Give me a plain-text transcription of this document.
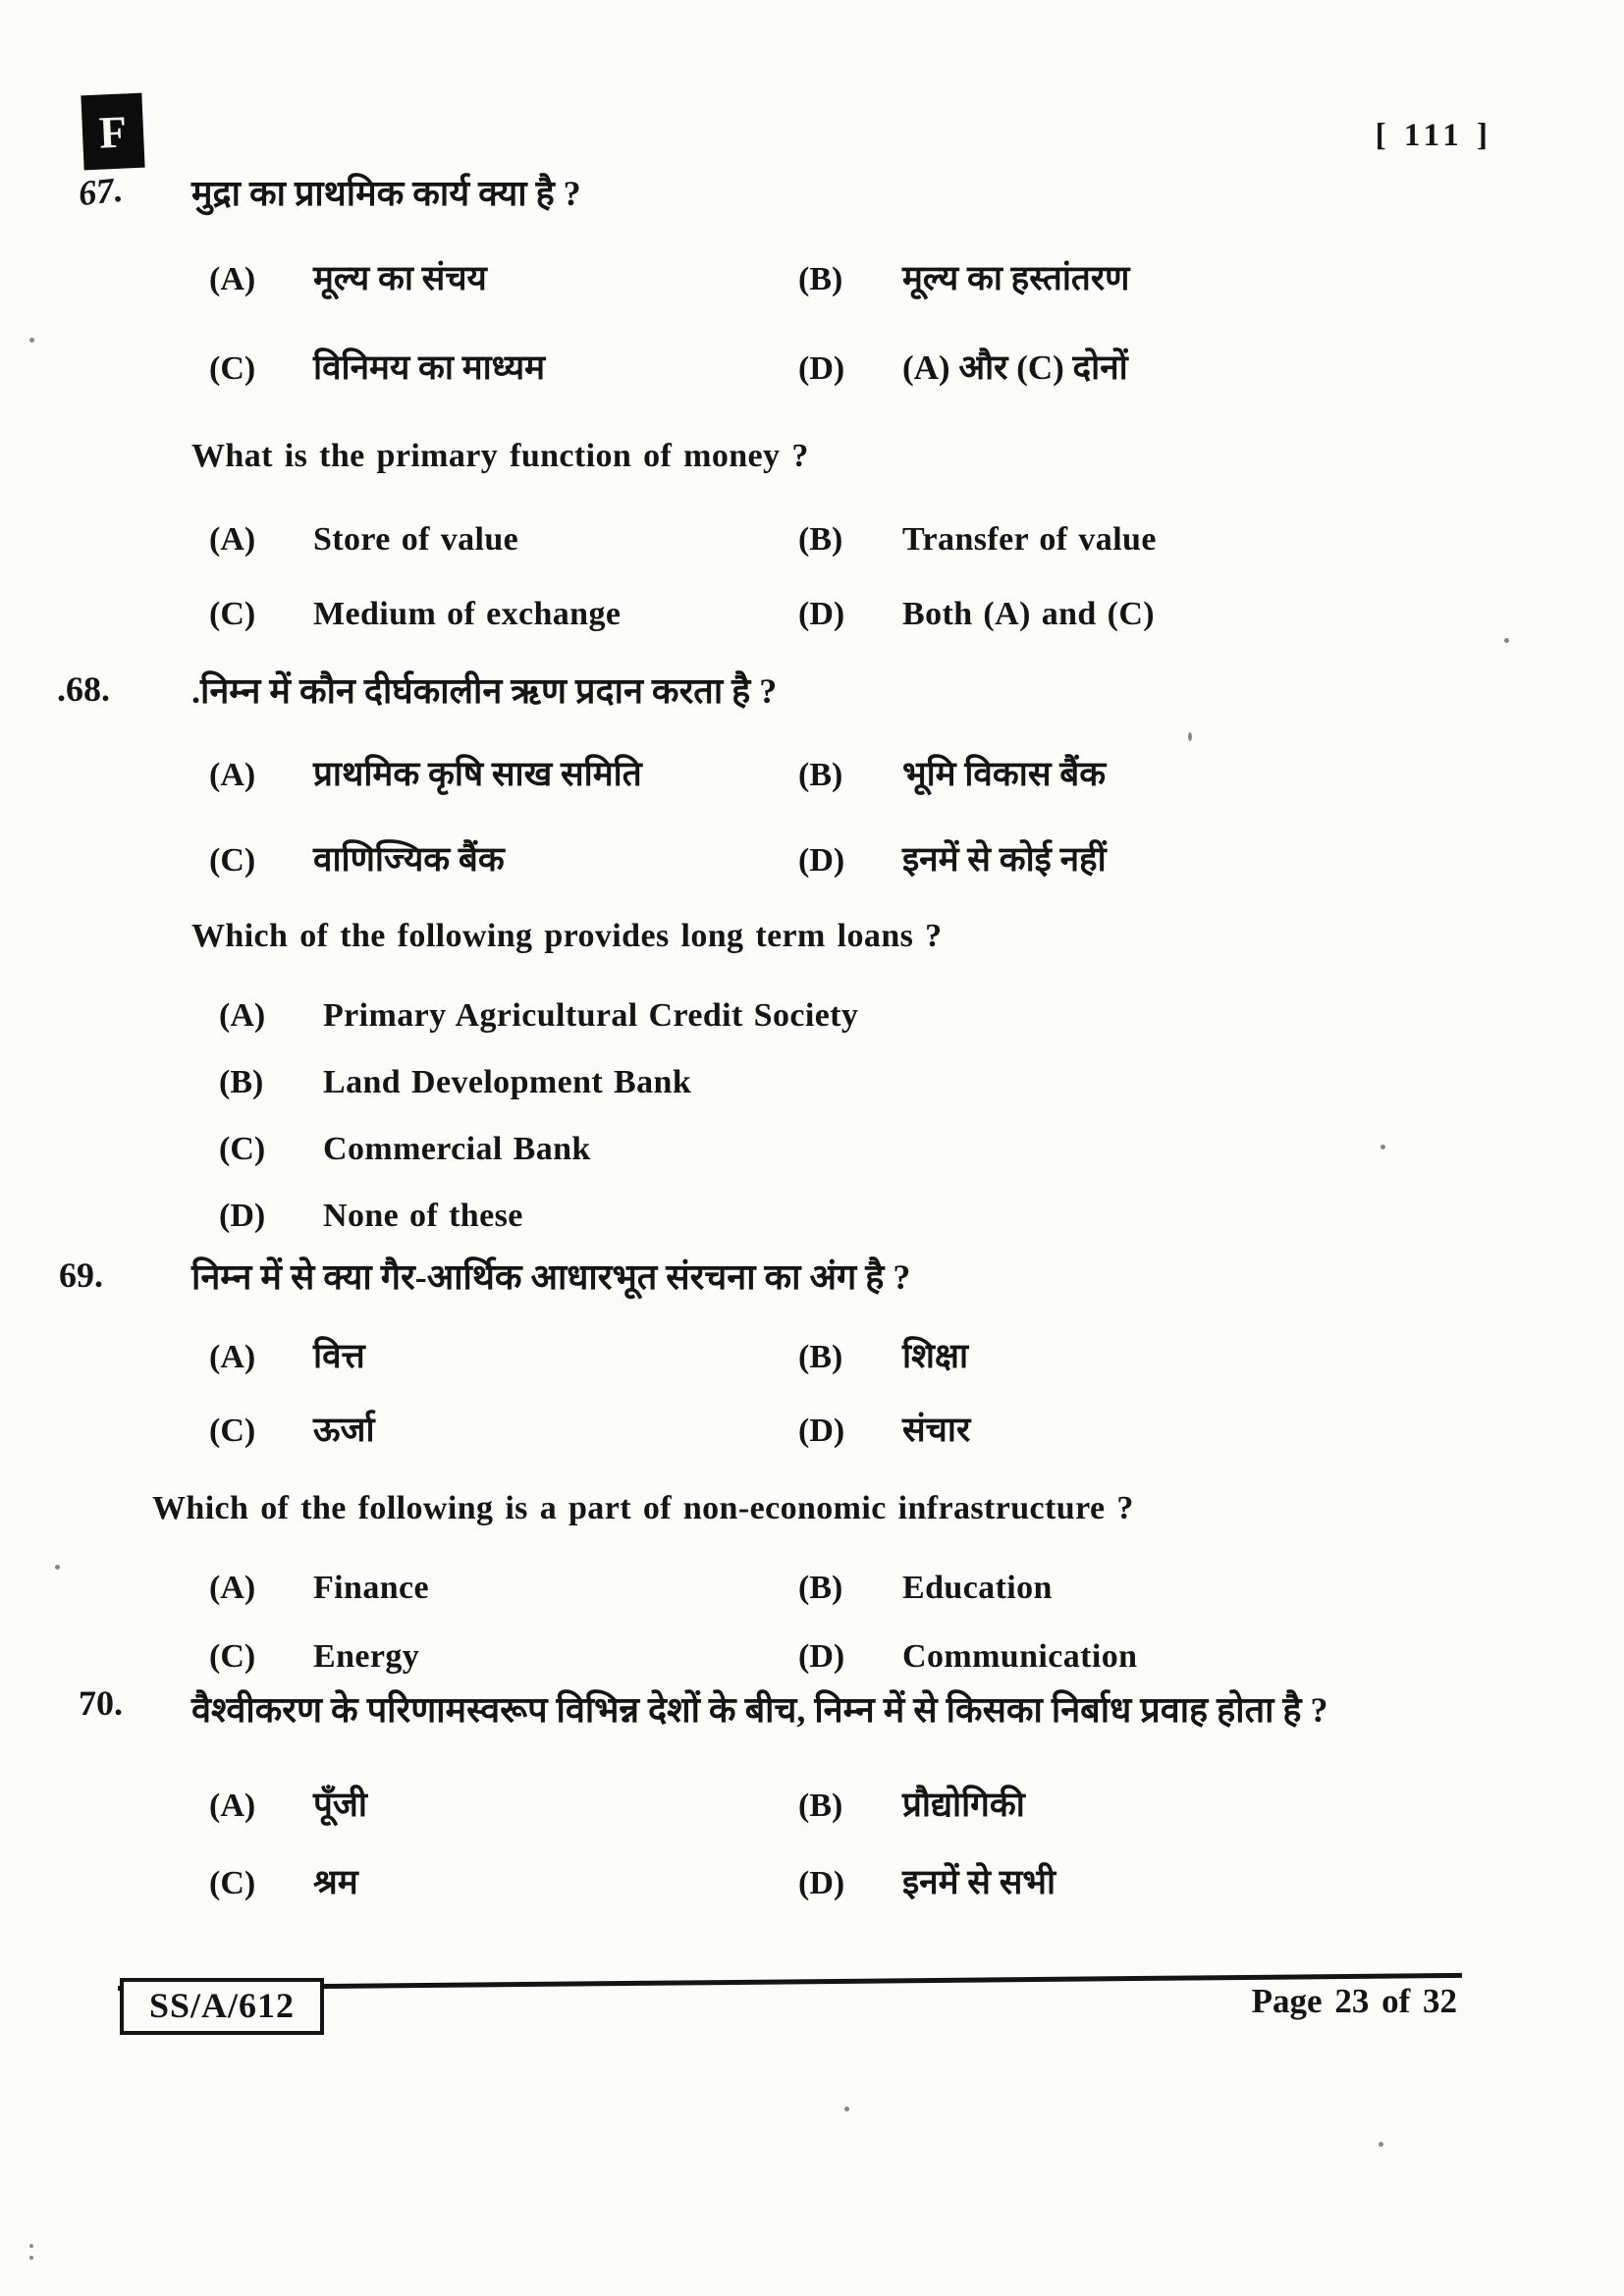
F	[ 111 ]
67. मुद्रा का प्राथमिक कार्य क्या है ?
(A)	मूल्य का संचय	(B)	मूल्य का हस्तांतरण
(C)	विनिमय का माध्यम	(D)	(A) और (C) दोनों
What is the primary function of money ?
(A)	Store of value	(B)	Transfer of value
(C)	Medium of exchange	(D)	Both (A) and (C)
.68. .निम्न में कौन दीर्घकालीन ऋण प्रदान करता है ?
(A)	प्राथमिक कृषि साख समिति	(B)	भूमि विकास बैंक
(C)	वाणिज्यिक बैंक	(D)	इनमें से कोई नहीं
Which of the following provides long term loans ?
(A)	Primary Agricultural Credit Society
(B)	Land Development Bank
(C)	Commercial Bank
(D)	None of these
69.	निम्न में से क्या गैर-आर्थिक आधारभूत संरचना का अंग है ?
(A)	वित्त	(B)	शिक्षा
(C)	ऊर्जा	(D)	संचार
Which of the following is a part of non-economic infrastructure ?
(A)	Finance	(B)	Education
(C)	Energy	(D)	Communication
70. वैश्वीकरण के परिणामस्वरूप विभिन्न देशों के बीच, निम्न में से किसका निर्बाध प्रवाह होता है ?
(A)	पूँजी	(B)	प्रौद्योगिकी
(C)	श्रम	(D)	इनमें से सभी
SS/A/612	Page 23 of 32
